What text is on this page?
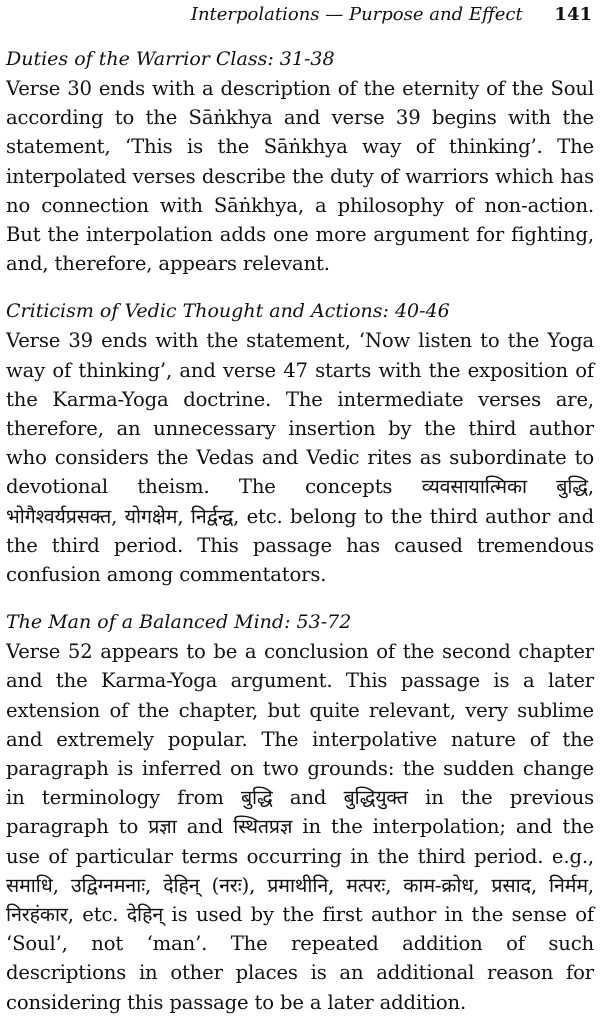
Interpolations — Purpose and Effect 141
Duties of the Warrior Class: 31-38

Verse 30 ends with a description of the eternity of the Soul according to the Sāṅkhya and verse 39 begins with the statement, ‘This is the Sāṅkhya way of thinking’. The interpolated verses describe the duty of warriors which has no connection with Sāṅkhya, a philosophy of non-action. But the interpolation adds one more argument for fighting, and, therefore, appears relevant.

Criticism of Vedic Thought and Actions: 40-46

Verse 39 ends with the statement, ‘Now listen to the Yoga way of thinking’, and verse 47 starts with the exposition of the Karma-Yoga doctrine. The intermediate verses are, therefore, an unnecessary insertion by the third author who considers the Vedas and Vedic rites as subordinate to devotional theism. The concepts व्यवसायात्मिका बुद्धि, भोगैश्वर्यप्रसक्त, योगक्षेम, निर्द्वन्द्व, etc. belong to the third author and the third period. This passage has caused tremendous confusion among commentators.

The Man of a Balanced Mind: 53-72

Verse 52 appears to be a conclusion of the second chapter and the Karma-Yoga argument. This passage is a later extension of the chapter, but quite relevant, very sublime and extremely popular. The interpolative nature of the paragraph is inferred on two grounds: the sudden change in terminology from बुद्धि and बुद्धियुक्त in the previous paragraph to प्रज्ञा and स्थितप्रज्ञ in the interpolation; and the use of particular terms occurring in the third period. e.g., समाधि, उद्विग्नमनाः, देहिन् (नरः), प्रमाथीनि, मत्परः, काम-क्रोध, प्रसाद, निर्मम, निरहंकार, etc. देहिन् is used by the first author in the sense of ‘Soul’, not ‘man’. The repeated addition of such descriptions in other places is an additional reason for considering this passage to be a later addition.
